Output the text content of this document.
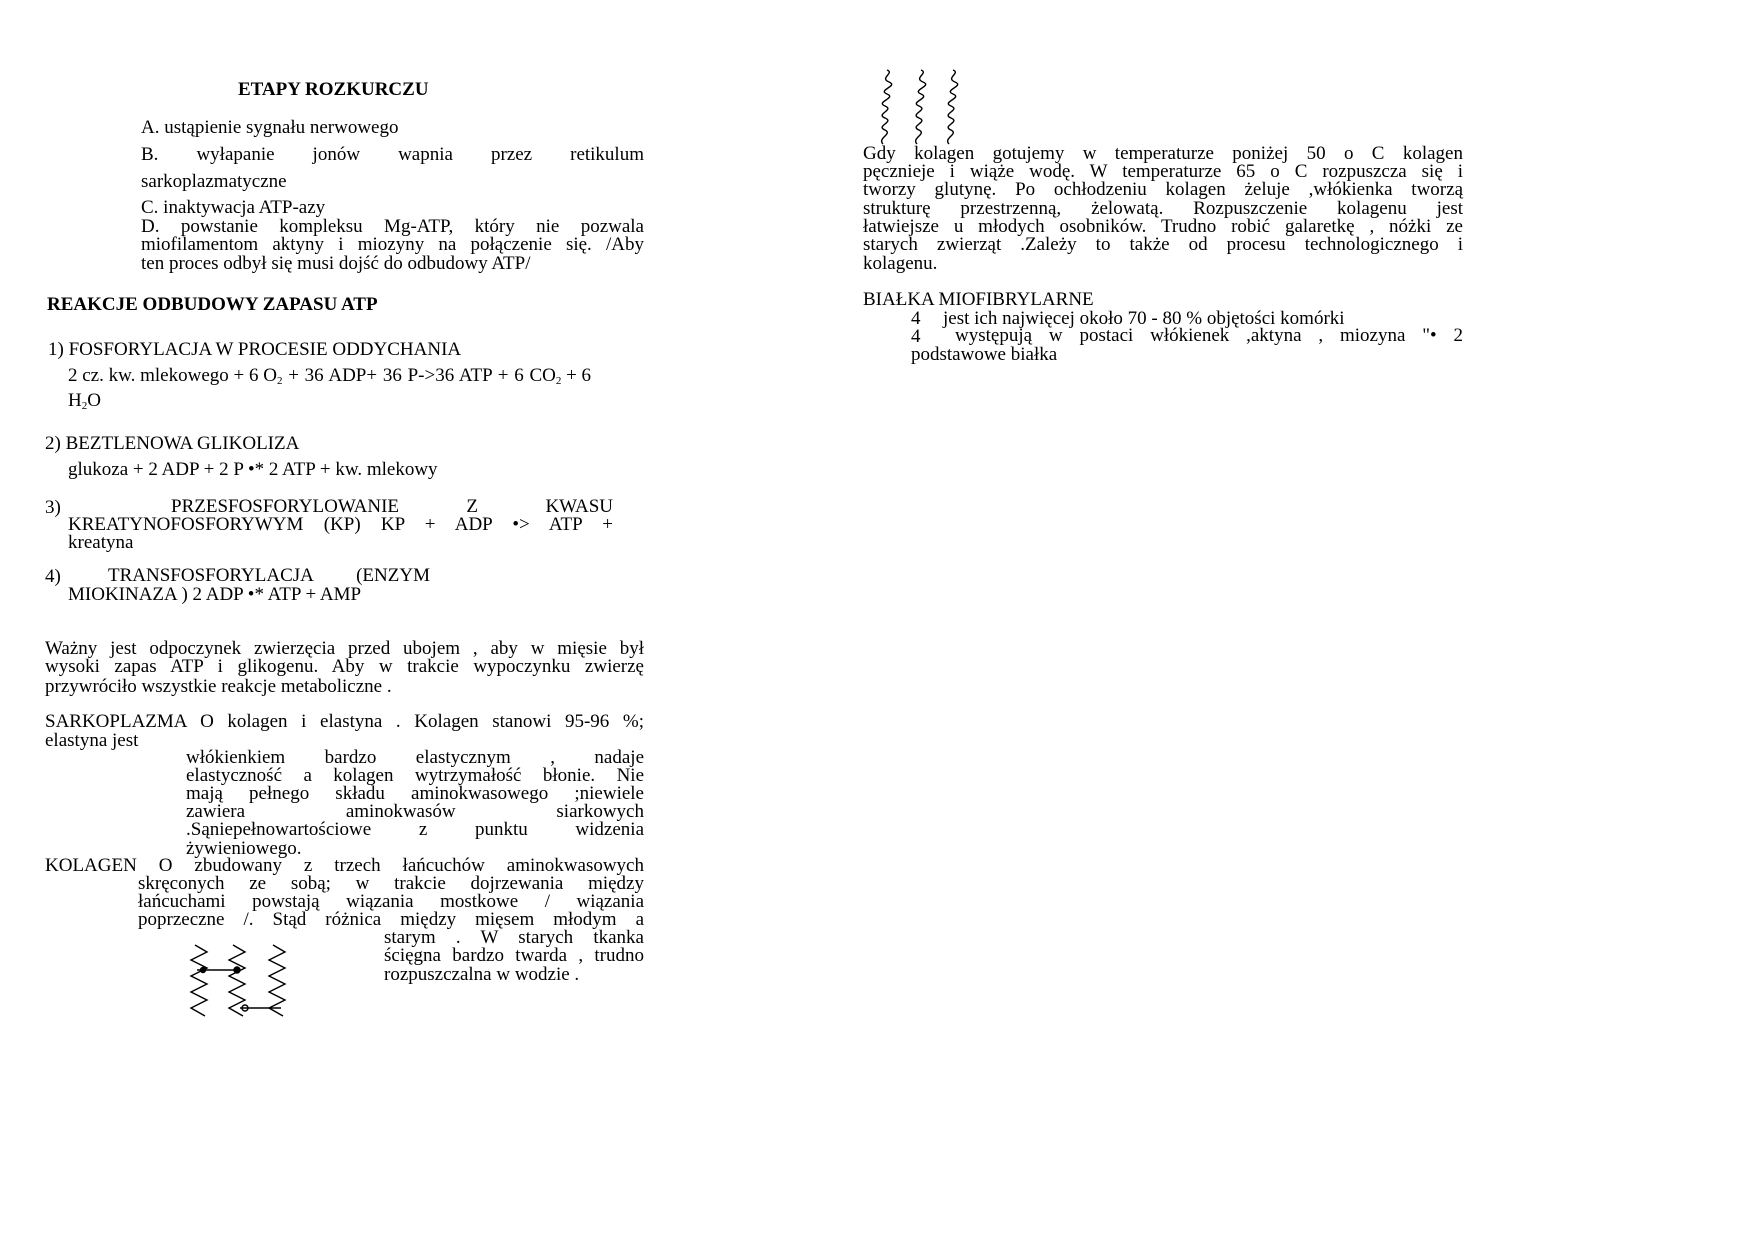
ETAPY ROZKURCZU
A. ustąpienie sygnału nerwowego
B. wyłapanie jonów wapnia przez retikulum
sarkoplazmatyczne
C. inaktywacja ATP-azy
D. powstanie kompleksu Mg-ATP, który nie pozwala
miofilamentom aktyny i miozyny na połączenie się. /Aby
ten proces odbył się musi dojść do odbudowy ATP/
REAKCJE ODBUDOWY ZAPASU ATP
1) FOSFORYLACJA W PROCESIE ODDYCHANIA
2 cz. kw. mlekowego + 6 $O_2 + 36$ ADP+ 36 P->36 ATP + 6 $CO_2 + 6$
$H_2O$
2) BEZTLENOWA GLIKOLIZA
glukoza + 2 ADP + 2 P •* 2 ATP + kw. mlekowy
3)	PRZESFOSFORYLOWANIE Z KWASU
KREATYNOFOSFORYWYM (KP) KP + ADP •> ATP +
kreatyna
4) TRANSFOSFORYLACJA (ENZYM
MIOKINAZA ) 2 ADP •* ATP + AMP
Ważny jest odpoczynek zwierzęcia przed ubojem , aby w mięsie był
wysoki zapas ATP i glikogenu. Aby w trakcie wypoczynku zwierzę
przywróciło wszystkie reakcje metaboliczne .
SARKOPLAZMA O kolagen i elastyna . Kolagen stanowi 95-96 %;
elastyna jest
włókienkiem bardzo elastycznym , nadaje
elastyczność a kolagen wytrzymałość błonie. Nie
mają pełnego składu aminokwasowego ;niewiele
zawiera aminokwasów siarkowych
.Sąniepełnowartościowe z punktu widzenia
żywieniowego.
KOLAGEN O zbudowany z trzech łańcuchów aminokwasowych
skręconych ze sobą; w trakcie dojrzewania między
łańcuchami powstają wiązania mostkowe / wiązania
poprzeczne /. Stąd różnica między mięsem młodym a
starym . W starych tkanka
ścięgna bardzo twarda , trudno
rozpuszczalna w wodzie .
Gdy kolagen gotujemy w temperaturze poniżej 50 o C kolagen
pęcznieje i wiąże wodę. W temperaturze 65 o C rozpuszcza się i
tworzy glutynę. Po ochłodzeniu kolagen żeluje ,włókienka tworzą
strukturę przestrzenną, żelowatą. Rozpuszczenie kolagenu jest
łatwiejsze u młodych osobników. Trudno robić galaretkę , nóżki ze
starych zwierząt .Zależy to także od procesu technologicznego i
kolagenu.
BIAŁKA MIOFIBRYLARNE
4 jest ich najwięcej około 70 - 80 % objętości komórki
4 występują w postaci włókienek ,aktyna , miozyna "• 2
podstawowe białka
